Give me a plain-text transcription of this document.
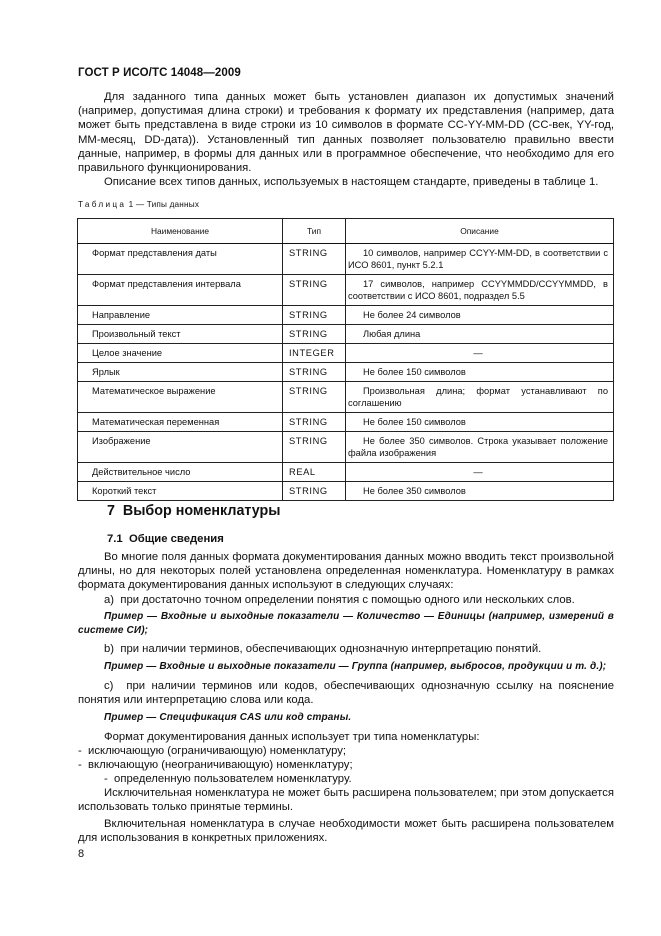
ГОСТ Р ИСО/ТС 14048—2009
Для заданного типа данных может быть установлен диапазон их допустимых значений (например, допустимая длина строки) и требования к формату их представления (например, дата может быть представлена в виде строки из 10 символов в формате CC-YY-MM-DD (CC-век, YY-год, MM-месяц, DD-дата)). Установленный тип данных позволяет пользователю правильно ввести данные, например, в формы для данных или в программное обеспечение, что необходимо для его правильного функционирования.
Описание всех типов данных, используемых в настоящем стандарте, приведены в таблице 1.
Таблица 1 — Типы данных
Наименование	Тип	Описание
Формат представления даты	STRING	10 символов, например CCYY-MM-DD, в соответствии с ИСО 8601, пункт 5.2.1
Формат представления интервала	STRING	17 символов, например CCYYMMDD/CCYYMMDD, в соответствии с ИСО 8601, подраздел 5.5
Направление	STRING	Не более 24 символов
Произвольный текст	STRING	Любая длина
Целое значение	INTEGER	—
Ярлык	STRING	Не более 150 символов
Математическое выражение	STRING	Произвольная длина; формат устанавливают по соглашению
Математическая переменная	STRING	Не более 150 символов
Изображение	STRING	Не более 350 символов. Строка указывает положение файла изображения
Действительное число	REAL	—
Короткий текст	STRING	Не более 350 символов
7  Выбор номенклатуры
7.1  Общие сведения
Во многие поля данных формата документирования данных можно вводить текст произвольной длины, но для некоторых полей установлена определенная номенклатура. Номенклатуру в рамках формата документирования данных используют в следующих случаях:
а)  при достаточно точном определении понятия с помощью одного или нескольких слов.
Пример — Входные и выходные показатели — Количество — Единицы (например, измерений в системе СИ);
b)  при наличии терминов, обеспечивающих однозначную интерпретацию понятий.
Пример — Входные и выходные показатели — Группа (например, выбросов, продукции и т. д.);
с)  при наличии терминов или кодов, обеспечивающих однозначную ссылку на пояснение понятия или интерпретацию слова или кода.
Пример — Спецификация CAS или код страны.
Формат документирования данных использует три типа номенклатуры:
-  исключающую (ограничивающую) номенклатуру;
-  включающую (неограничивающую) номенклатуру;
-  определенную пользователем номенклатуру.
Исключительная номенклатура не может быть расширена пользователем; при этом допускается использовать только принятые термины.
Включительная номенклатура в случае необходимости может быть расширена пользователем для использования в конкретных приложениях.
8
